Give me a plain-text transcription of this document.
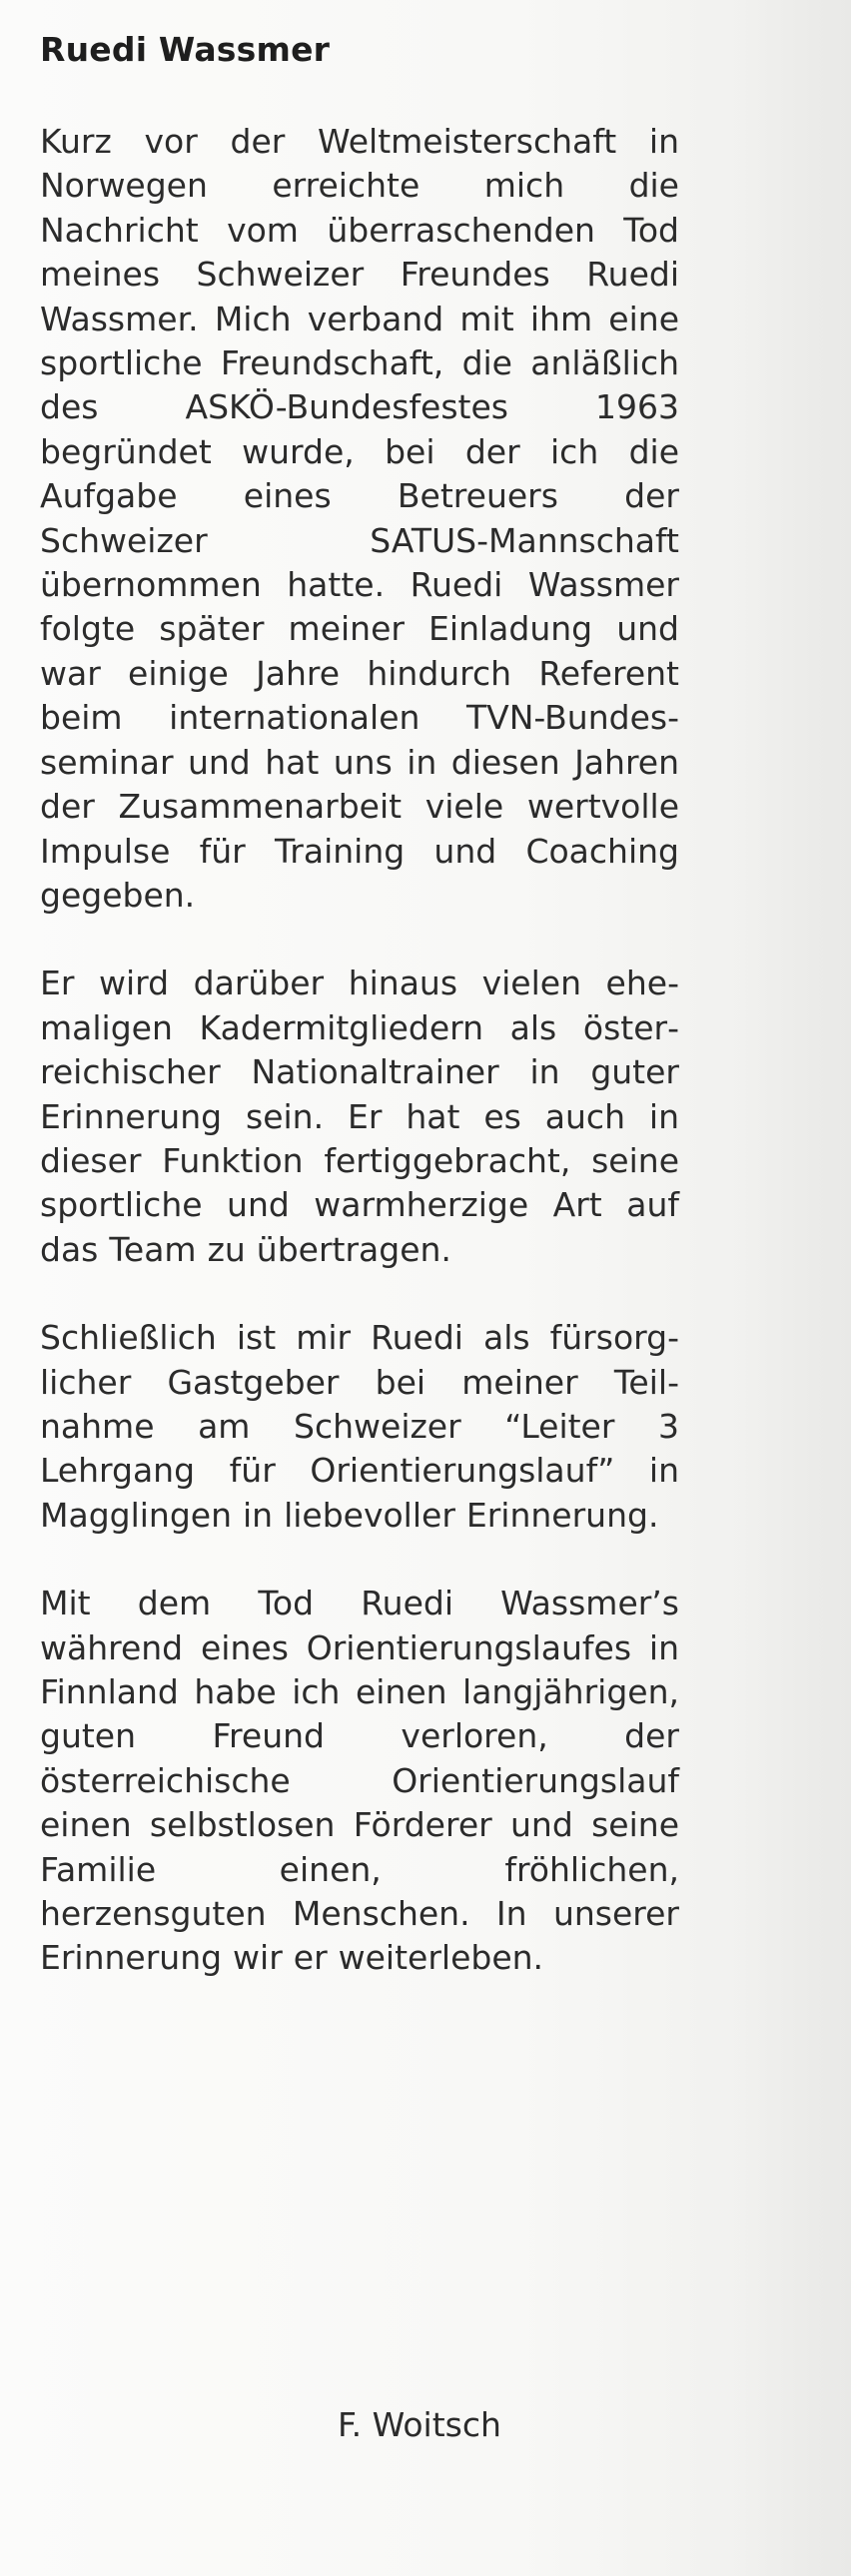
Ruedi Wassmer

Kurz vor der Weltmeisterschaft in Norwegen erreichte mich die Nachricht vom überraschenden Tod meines Schweizer Freundes Ruedi Wassmer. Mich verband mit ihm eine sportliche Freundschaft, die anläßlich des ASKÖ-Bundesfestes 1963 begründet wurde, bei der ich die Aufgabe eines Betreuers der Schweizer SATUS-Mannschaft übernommen hatte. Ruedi Wassmer folgte später meiner Einladung und war einige Jahre hindurch Referent beim internationalen TVN-Bundesseminar und hat uns in diesen Jahren der Zusammenarbeit viele wertvolle Impulse für Training und Coaching gegeben.

Er wird darüber hinaus vielen ehemaligen Kadermitgliedern als österreichischer Nationaltrainer in guter Erinnerung sein. Er hat es auch in dieser Funktion fertiggebracht, seine sportliche und warmherzige Art auf das Team zu übertragen.

Schließlich ist mir Ruedi als fürsorglicher Gastgeber bei meiner Teilnahme am Schweizer “Leiter 3 Lehrgang für Orientierungslauf” in Magglingen in liebevoller Erinnerung.

Mit dem Tod Ruedi Wassmer’s während eines Orientierungslaufes in Finnland habe ich einen langjährigen, guten Freund verloren, der österreichische Orientierungslauf einen selbstlosen Förderer und seine Familie einen, fröhlichen, herzensguten Menschen. In unserer Erinnerung wir er weiterleben.

F. Woitsch
